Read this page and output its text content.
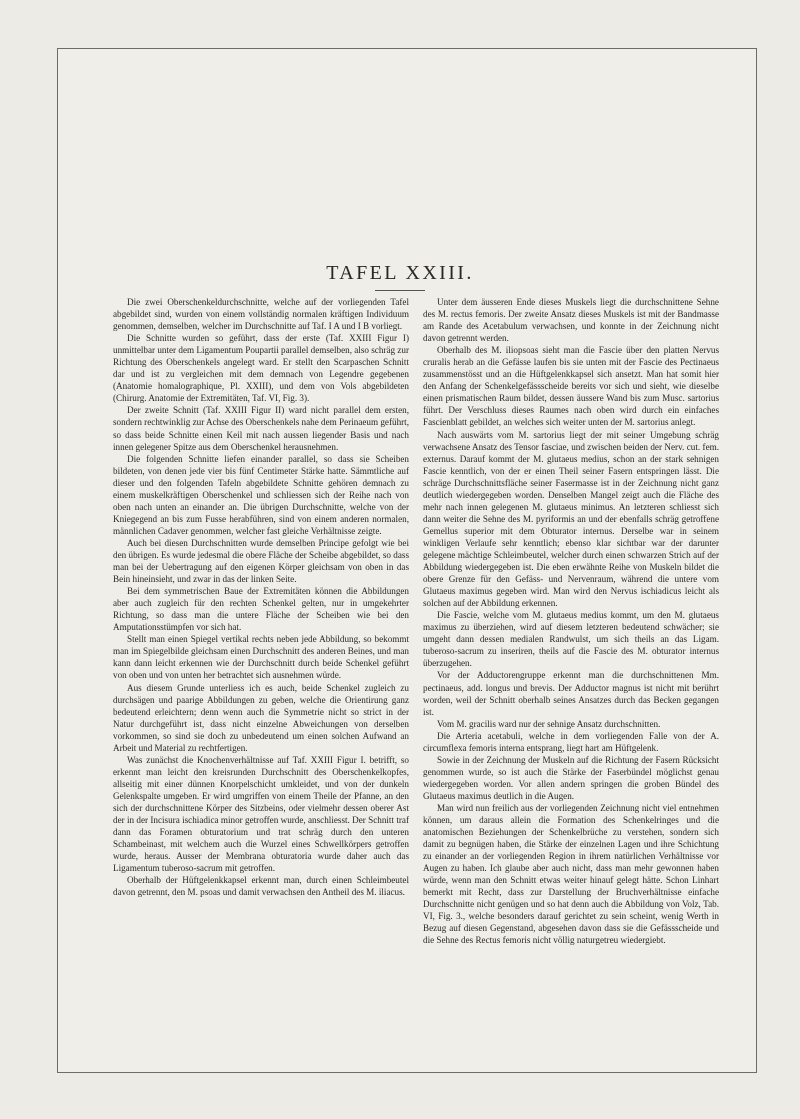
TAFEL XXIII.

Die zwei Oberschenkeldurchschnitte, welche auf der vorliegenden Tafel abgebildet sind, wurden von einem vollständig normalen kräftigen Individuum genommen, demselben, welcher im Durchschnitte auf Taf. I A und I B vorliegt.

Die Schnitte wurden so geführt, dass der erste (Taf. XXIII Figur I) unmittelbar unter dem Ligamentum Poupartii parallel demselben, also schräg zur Richtung des Oberschenkels angelegt ward. Er stellt den Scarpaschen Schnitt dar und ist zu vergleichen mit dem demnach von Legendre gegebenen (Anatomie homalographique, Pl. XXIII), und dem von Vols abgebildeten (Chirurg. Anatomie der Extremitäten, Taf. VI, Fig. 3).

Der zweite Schnitt (Taf. XXIII Figur II) ward nicht parallel dem ersten, sondern rechtwinklig zur Achse des Oberschenkels nahe dem Perinaeum geführt, so dass beide Schnitte einen Keil mit nach aussen liegender Basis und nach innen gelegener Spitze aus dem Oberschenkel herausnehmen.

Die folgenden Schnitte liefen einander parallel, so dass sie Scheiben bildeten, von denen jede vier bis fünf Centimeter Stärke hatte. Sämmtliche auf dieser und den folgenden Tafeln abgebildete Schnitte gehören demnach zu einem muskelkräftigen Oberschenkel und schliessen sich der Reihe nach von oben nach unten an einander an. Die übrigen Durchschnitte, welche von der Kniegegend an bis zum Fusse herabführen, sind von einem anderen normalen, männlichen Cadaver genommen, welcher fast gleiche Verhältnisse zeigte.

Auch bei diesen Durchschnitten wurde demselben Principe gefolgt wie bei den übrigen. Es wurde jedesmal die obere Fläche der Scheibe abgebildet, so dass man bei der Uebertragung auf den eigenen Körper gleichsam von oben in das Bein hineinsieht, und zwar in das der linken Seite.

Bei dem symmetrischen Baue der Extremitäten können die Abbildungen aber auch zugleich für den rechten Schenkel gelten, nur in umgekehrter Richtung, so dass man die untere Fläche der Scheiben wie bei den Amputationsstümpfen vor sich hat.

Stellt man einen Spiegel vertikal rechts neben jede Abbildung, so bekommt man im Spiegelbilde gleichsam einen Durchschnitt des anderen Beines, und man kann dann leicht erkennen wie der Durchschnitt durch beide Schenkel geführt von oben und von unten her betrachtet sich ausnehmen würde.

Aus diesem Grunde unterliess ich es auch, beide Schenkel zugleich zu durchsägen und paarige Abbildungen zu geben, welche die Orientirung ganz bedeutend erleichtern; denn wenn auch die Symmetrie nicht so strict in der Natur durchgeführt ist, dass nicht einzelne Abweichungen von derselben vorkommen, so sind sie doch zu unbedeutend um einen solchen Aufwand an Arbeit und Material zu rechtfertigen.

Was zunächst die Knochenverhältnisse auf Taf. XXIII Figur I. betrifft, so erkennt man leicht den kreisrunden Durchschnitt des Oberschenkelkopfes, allseitig mit einer dünnen Knorpelschicht umkleidet, und von der dunkeln Gelenkspalte umgeben. Er wird umgriffen von einem Theile der Pfanne, an den sich der durchschnittene Körper des Sitzbeins, oder vielmehr dessen oberer Ast der in der Incisura ischiadica minor getroffen wurde, anschliesst. Der Schnitt traf dann das Foramen obturatorium und trat schräg durch den unteren Schambeinast, mit welchem auch die Wurzel eines Schwellkörpers getroffen wurde, heraus. Ausser der Membrana obturatoria wurde daher auch das Ligamentum tuberoso-sacrum mit getroffen.

Oberhalb der Hüftgelenkkapsel erkennt man, durch einen Schleimbeutel davon getrennt, den M. psoas und damit verwachsen den Antheil des M. iliacus.

Unter dem äusseren Ende dieses Muskels liegt die durchschnittene Sehne des M. rectus femoris. Der zweite Ansatz dieses Muskels ist mit der Bandmasse am Rande des Acetabulum verwachsen, und konnte in der Zeichnung nicht davon getrennt werden.

Oberhalb des M. iliopsoas sieht man die Fascie über den platten Nervus cruralis herab an die Gefässe laufen bis sie unten mit der Fascie des Pectinaeus zusammenstösst und an die Hüftgelenkkapsel sich ansetzt. Man hat somit hier den Anfang der Schenkelgefässscheide bereits vor sich und sieht, wie dieselbe einen prismatischen Raum bildet, dessen äussere Wand bis zum Musc. sartorius führt. Der Verschluss dieses Raumes nach oben wird durch ein einfaches Fascienblatt gebildet, an welches sich weiter unten der M. sartorius anlegt.

Nach auswärts vom M. sartorius liegt der mit seiner Umgebung schräg verwachsene Ansatz des Tensor fasciae, und zwischen beiden der Nerv. cut. fem. externus. Darauf kommt der M. glutaeus medius, schon an der stark sehnigen Fascie kenntlich, von der er einen Theil seiner Fasern entspringen lässt. Die schräge Durchschnittsfläche seiner Fasermasse ist in der Zeichnung nicht ganz deutlich wiedergegeben worden. Denselben Mangel zeigt auch die Fläche des mehr nach innen gelegenen M. glutaeus minimus. An letzteren schliesst sich dann weiter die Sehne des M. pyriformis an und der ebenfalls schräg getroffene Gemellus superior mit dem Obturator internus. Derselbe war in seinem winkligen Verlaufe sehr kenntlich; ebenso klar sichtbar war der darunter gelegene mächtige Schleimbeutel, welcher durch einen schwarzen Strich auf der Abbildung wiedergegeben ist. Die eben erwähnte Reihe von Muskeln bildet die obere Grenze für den Gefäss- und Nervenraum, während die untere vom Glutaeus maximus gegeben wird. Man wird den Nervus ischiadicus leicht als solchen auf der Abbildung erkennen.

Die Fascie, welche vom M. glutaeus medius kommt, um den M. glutaeus maximus zu überziehen, wird auf diesem letzteren bedeutend schwächer; sie umgeht dann dessen medialen Randwulst, um sich theils an das Ligam. tuberoso-sacrum zu inseriren, theils auf die Fascie des M. obturator internus überzugehen.

Vor der Adductorengruppe erkennt man die durchschnittenen Mm. pectinaeus, add. longus und brevis. Der Adductor magnus ist nicht mit berührt worden, weil der Schnitt oberhalb seines Ansatzes durch das Becken gegangen ist.

Vom M. gracilis ward nur der sehnige Ansatz durchschnitten.

Die Arteria acetabuli, welche in dem vorliegenden Falle von der A. circumflexa femoris interna entsprang, liegt hart am Hüftgelenk.

Sowie in der Zeichnung der Muskeln auf die Richtung der Fasern Rücksicht genommen wurde, so ist auch die Stärke der Faserbündel möglichst genau wiedergegeben worden. Vor allen andern springen die groben Bündel des Glutaeus maximus deutlich in die Augen.

Man wird nun freilich aus der vorliegenden Zeichnung nicht viel entnehmen können, um daraus allein die Formation des Schenkelringes und die anatomischen Beziehungen der Schenkelbrüche zu verstehen, sondern sich damit zu begnügen haben, die Stärke der einzelnen Lagen und ihre Schichtung zu einander an der vorliegenden Region in ihrem natürlichen Verhältnisse vor Augen zu haben. Ich glaube aber auch nicht, dass man mehr gewonnen haben würde, wenn man den Schnitt etwas weiter hinauf gelegt hätte. Schon Linhart bemerkt mit Recht, dass zur Darstellung der Bruchverhältnisse einfache Durchschnitte nicht genügen und so hat denn auch die Abbildung von Volz, Tab. VI, Fig. 3., welche besonders darauf gerichtet zu sein scheint, wenig Werth in Bezug auf diesen Gegenstand, abgesehen davon dass sie die Gefässscheide und die Sehne des Rectus femoris nicht völlig naturgetreu wiedergiebt.
